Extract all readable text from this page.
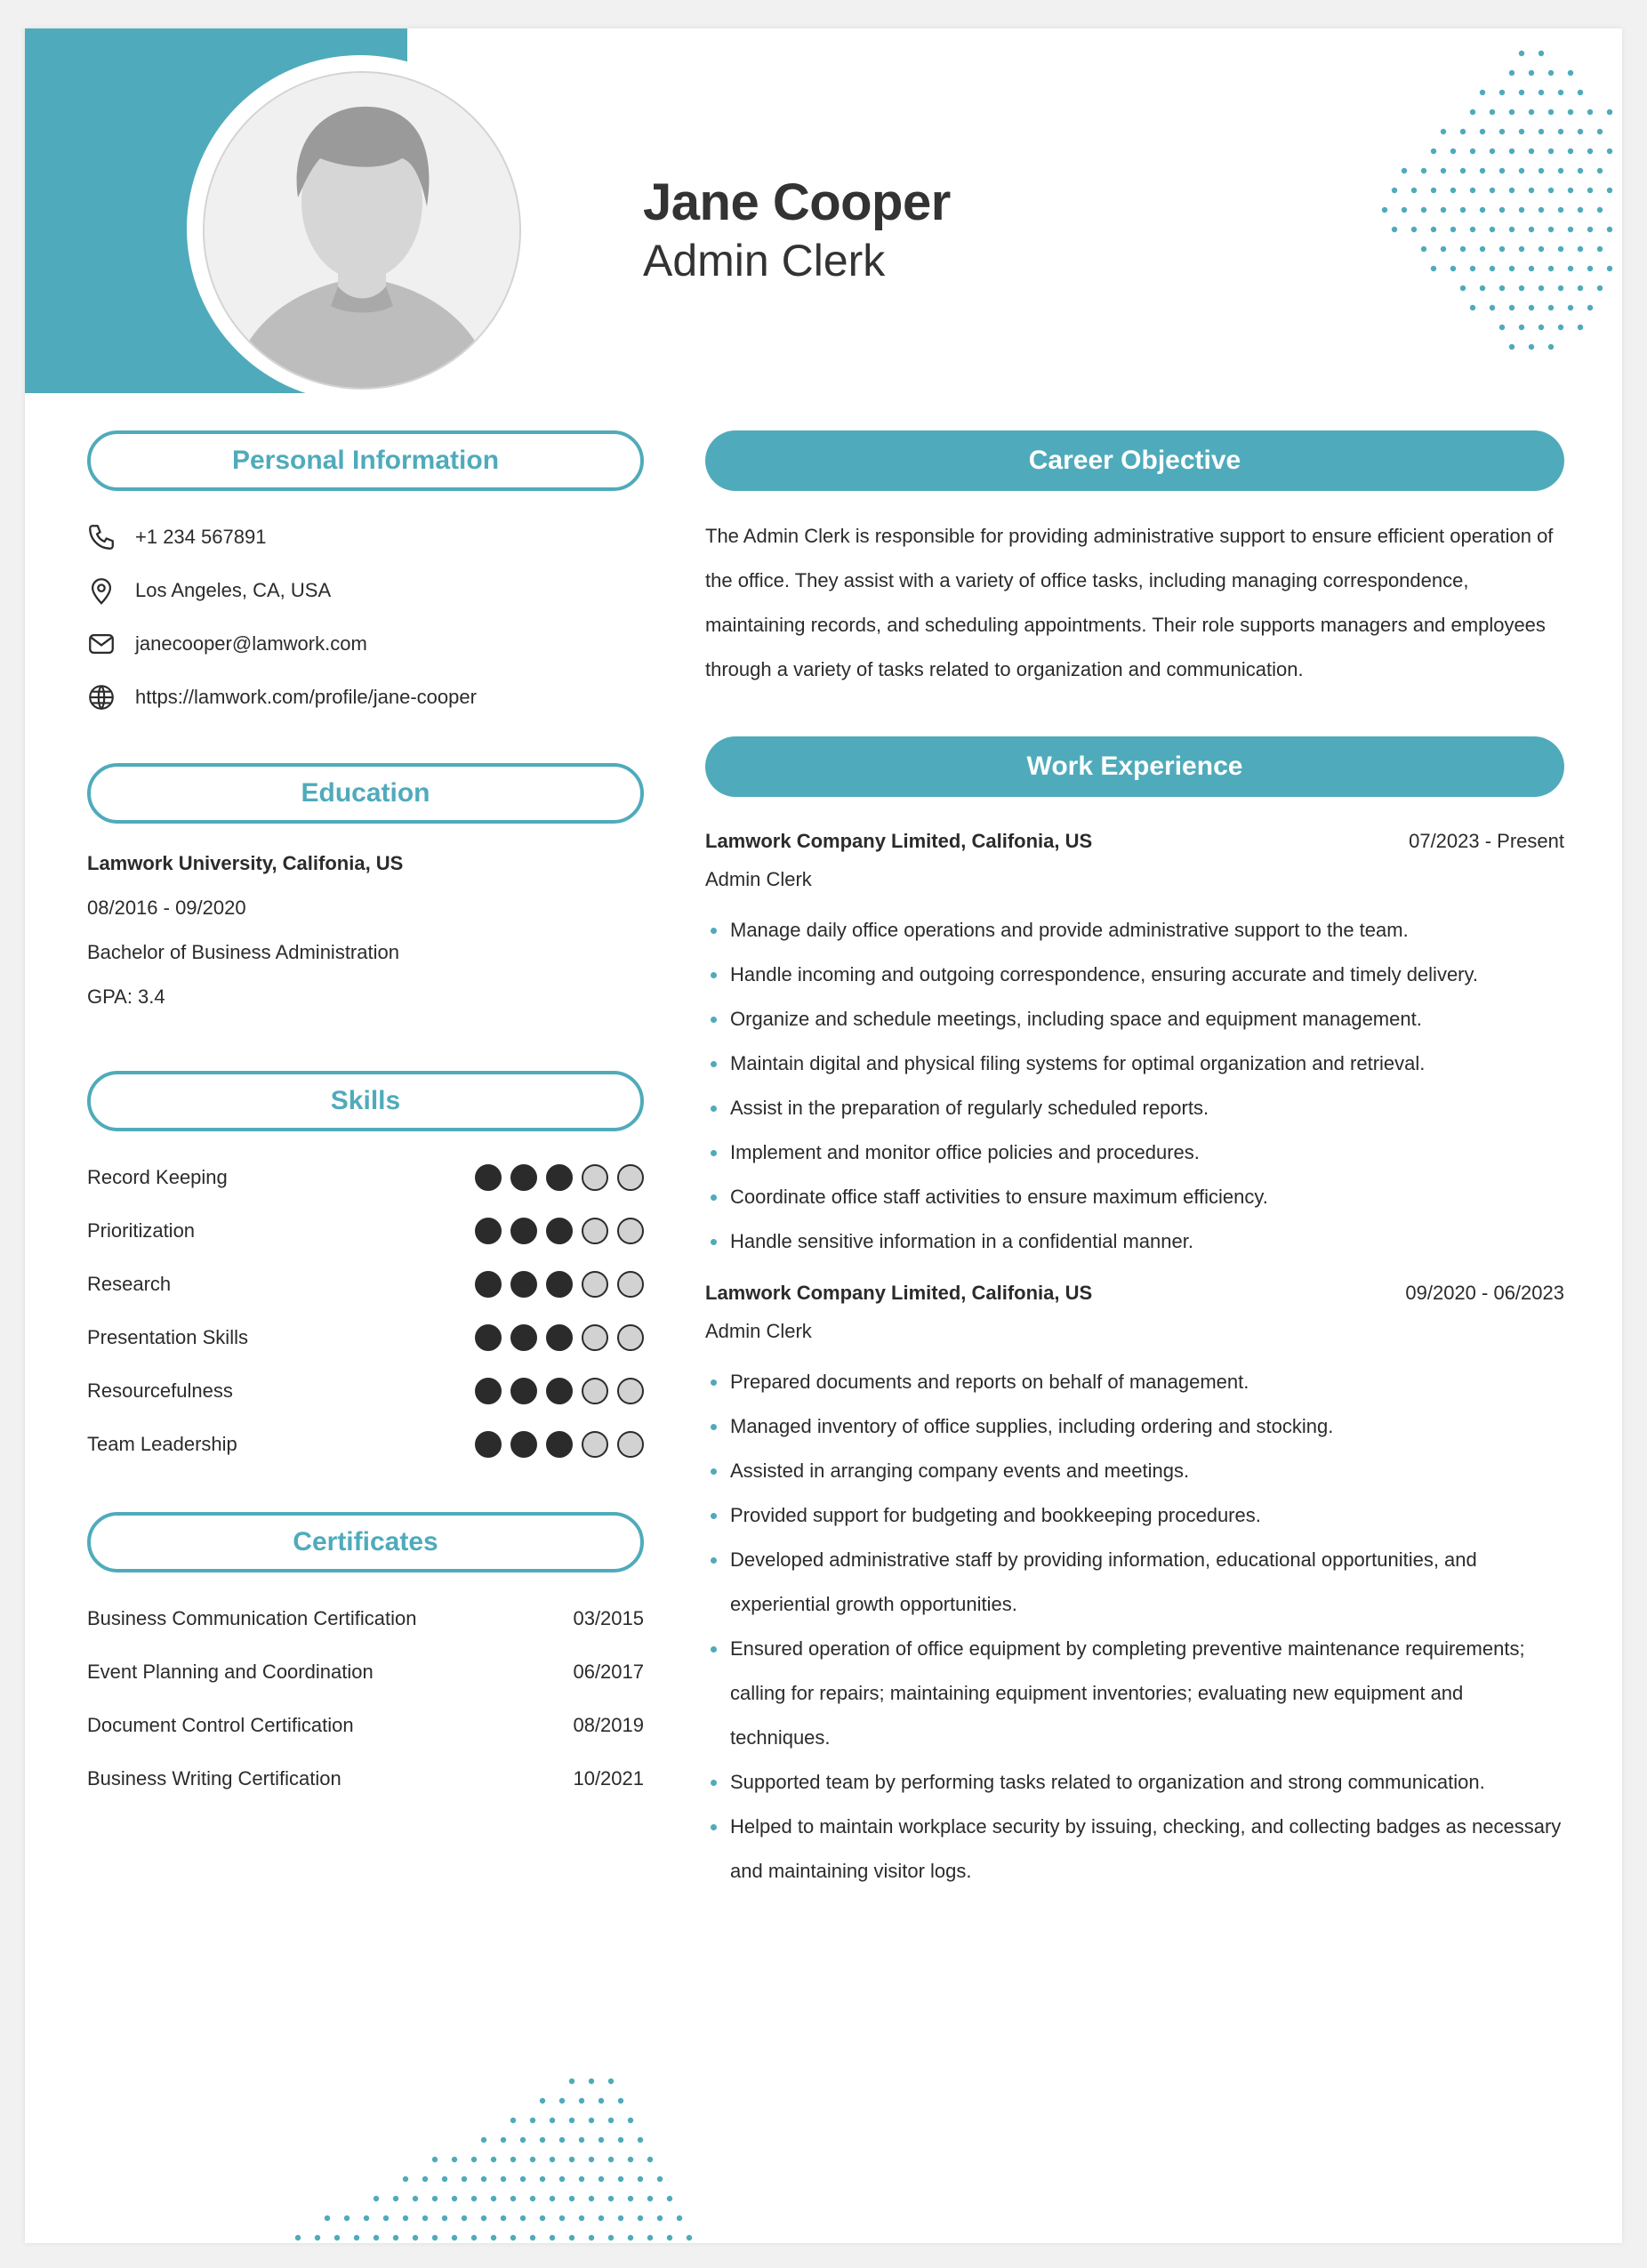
Jane Cooper
Admin Clerk
Personal Information
+1 234 567891
Los Angeles, CA, USA
janecooper@lamwork.com
https://lamwork.com/profile/jane-cooper
Education
Lamwork University, Califonia, US
08/2016 - 09/2020
Bachelor of Business Administration
GPA: 3.4
Skills
Record Keeping
Prioritization
Research
Presentation Skills
Resourcefulness
Team Leadership
Certificates
Business Communication Certification	03/2015
Event Planning and Coordination	06/2017
Document Control Certification	08/2019
Business Writing Certification	10/2021
Career Objective
The Admin Clerk is responsible for providing administrative support to ensure efficient operation of the office. They assist with a variety of office tasks, including managing correspondence, maintaining records, and scheduling appointments. Their role supports managers and employees through a variety of tasks related to organization and communication.
Work Experience
Lamwork Company Limited, Califonia, US	07/2023 - Present
Admin Clerk
Manage daily office operations and provide administrative support to the team.
Handle incoming and outgoing correspondence, ensuring accurate and timely delivery.
Organize and schedule meetings, including space and equipment management.
Maintain digital and physical filing systems for optimal organization and retrieval.
Assist in the preparation of regularly scheduled reports.
Implement and monitor office policies and procedures.
Coordinate office staff activities to ensure maximum efficiency.
Handle sensitive information in a confidential manner.
Lamwork Company Limited, Califonia, US	09/2020 - 06/2023
Admin Clerk
Prepared documents and reports on behalf of management.
Managed inventory of office supplies, including ordering and stocking.
Assisted in arranging company events and meetings.
Provided support for budgeting and bookkeeping procedures.
Developed administrative staff by providing information, educational opportunities, and experiential growth opportunities.
Ensured operation of office equipment by completing preventive maintenance requirements; calling for repairs; maintaining equipment inventories; evaluating new equipment and techniques.
Supported team by performing tasks related to organization and strong communication.
Helped to maintain workplace security by issuing, checking, and collecting badges as necessary and maintaining visitor logs.
